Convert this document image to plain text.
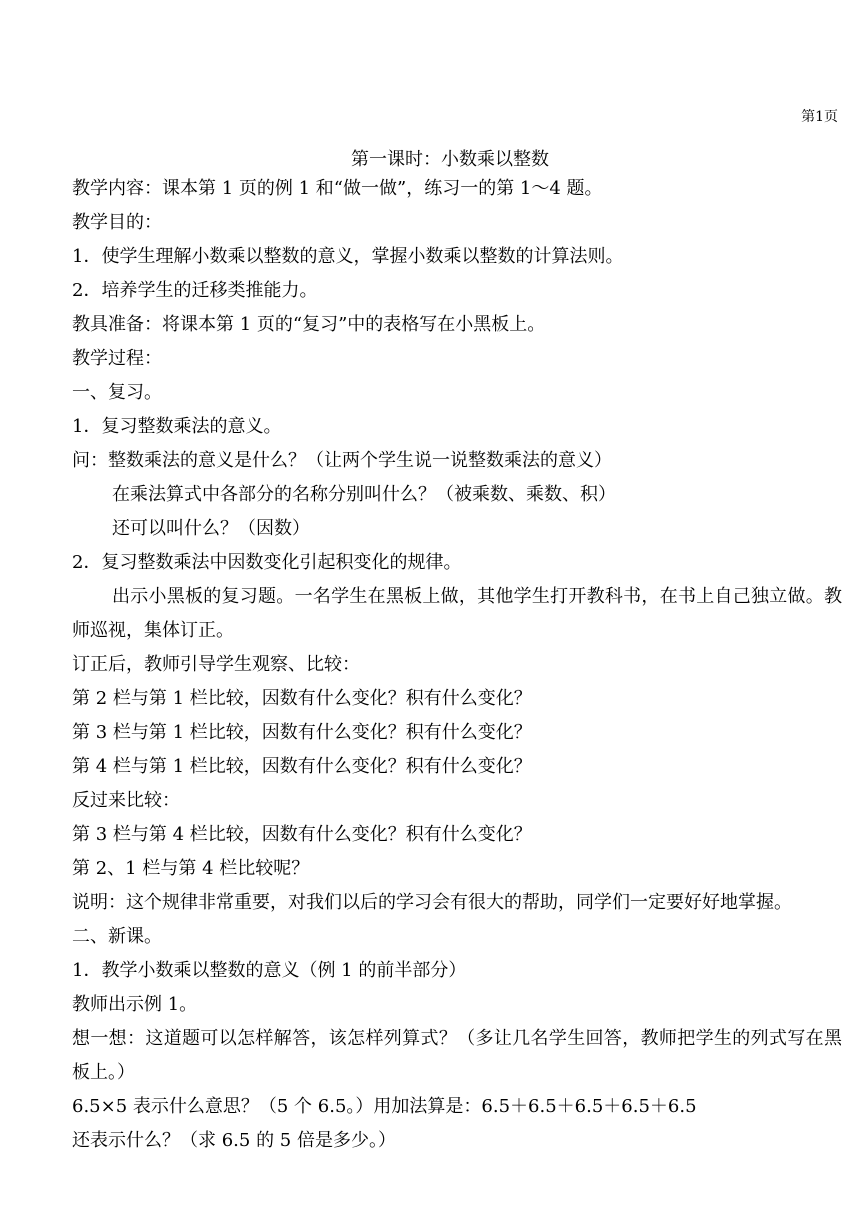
第1页
第一课时：小数乘以整数
教学内容：课本第 1 页的例 1 和“做一做”，练习一的第 1～4 题。
教学目的：
1．使学生理解小数乘以整数的意义，掌握小数乘以整数的计算法则。
2．培养学生的迁移类推能力。
教具准备：将课本第 1 页的“复习”中的表格写在小黑板上。
教学过程：
一、复习。
1．复习整数乘法的意义。
问：整数乘法的意义是什么？（让两个学生说一说整数乘法的意义）
在乘法算式中各部分的名称分别叫什么？（被乘数、乘数、积）
还可以叫什么？（因数）
2．复习整数乘法中因数变化引起积变化的规律。
出示小黑板的复习题。一名学生在黑板上做，其他学生打开教科书，在书上自己独立做。教师巡视，集体订正。
订正后，教师引导学生观察、比较：
第 2 栏与第 1 栏比较，因数有什么变化？积有什么变化？
第 3 栏与第 1 栏比较，因数有什么变化？积有什么变化？
第 4 栏与第 1 栏比较，因数有什么变化？积有什么变化？
反过来比较：
第 3 栏与第 4 栏比较，因数有什么变化？积有什么变化？
第 2、1 栏与第 4 栏比较呢？
说明：这个规律非常重要，对我们以后的学习会有很大的帮助，同学们一定要好好地掌握。
二、新课。
1．教学小数乘以整数的意义（例 1 的前半部分）
教师出示例 1。
想一想：这道题可以怎样解答，该怎样列算式？（多让几名学生回答，教师把学生的列式写在黑板上。）
6.5×5 表示什么意思？（5 个 6.5。）用加法算是：6.5＋6.5＋6.5＋6.5＋6.5
还表示什么？（求 6.5 的 5 倍是多少。）
